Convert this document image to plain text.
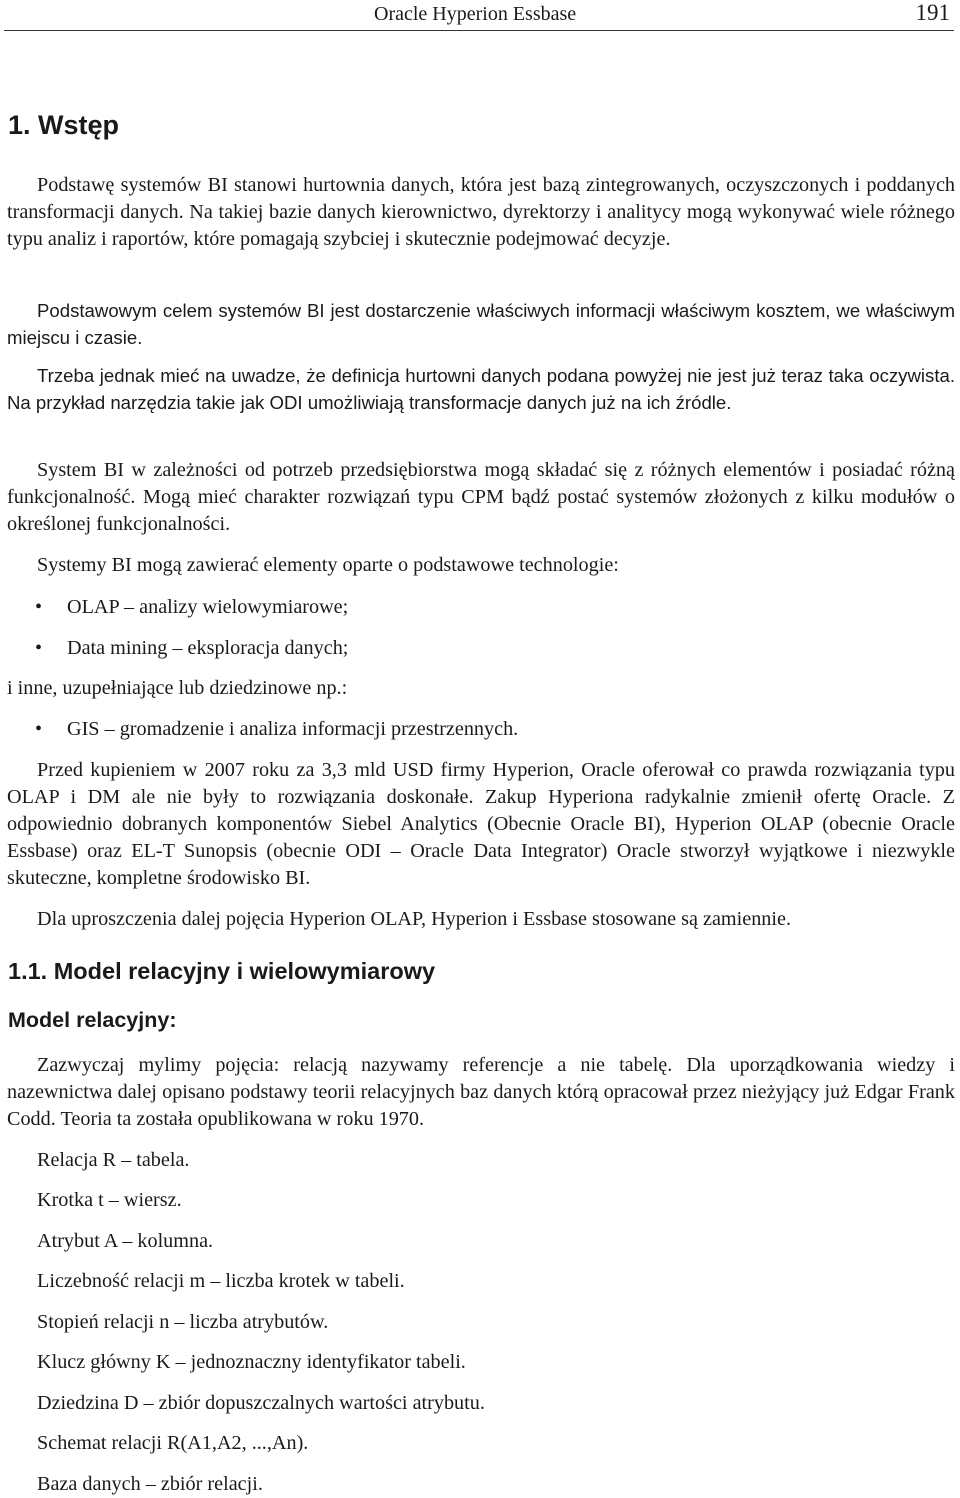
Oracle Hyperion Essbase	191
1. Wstęp
Podstawę systemów BI stanowi hurtownia danych, która jest bazą zintegrowanych, oczyszczonych i poddanych transformacji danych. Na takiej bazie danych kierownictwo, dyrektorzy i analitycy mogą wykonywać wiele różnego typu analiz i raportów, które pomagają szybciej i skutecznie podejmować decyzje.
Podstawowym celem systemów BI jest dostarczenie właściwych informacji właściwym kosztem, we właściwym miejscu i czasie.
Trzeba jednak mieć na uwadze, że definicja hurtowni danych podana powyżej nie jest już teraz taka oczywista. Na przykład narzędzia takie jak ODI umożliwiają transformacje danych już na ich źródle.
System BI w zależności od potrzeb przedsiębiorstwa mogą składać się z różnych elementów i posiadać różną funkcjonalność. Mogą mieć charakter rozwiązań typu CPM bądź postać systemów złożonych z kilku modułów o określonej funkcjonalności.
Systemy BI mogą zawierać elementy oparte o podstawowe technologie:
• OLAP – analizy wielowymiarowe;
• Data mining – eksploracja danych;
i inne, uzupełniające lub dziedzinowe np.:
• GIS – gromadzenie i analiza informacji przestrzennych.
Przed kupieniem w 2007 roku za 3,3 mld USD firmy Hyperion, Oracle oferował co prawda rozwiązania typu OLAP i DM ale nie były to rozwiązania doskonałe. Zakup Hyperiona radykalnie zmienił ofertę Oracle. Z odpowiednio dobranych komponentów Siebel Analytics (Obecnie Oracle BI), Hyperion OLAP (obecnie Oracle Essbase) oraz EL-T Sunopsis (obecnie ODI – Oracle Data Integrator) Oracle stworzył wyjątkowe i niezwykle skuteczne, kompletne środowisko BI.
Dla uproszczenia dalej pojęcia Hyperion OLAP, Hyperion i Essbase stosowane są zamiennie.
1.1. Model relacyjny i wielowymiarowy
Model relacyjny:
Zazwyczaj mylimy pojęcia: relacją nazywamy referencje a nie tabelę. Dla uporządkowania wiedzy i nazewnictwa dalej opisano podstawy teorii relacyjnych baz danych którą opracował przez nieżyjący już Edgar Frank Codd. Teoria ta została opublikowana w roku 1970.
Relacja R – tabela.
Krotka t – wiersz.
Atrybut A – kolumna.
Liczebność relacji m – liczba krotek w tabeli.
Stopień relacji n – liczba atrybutów.
Klucz główny K – jednoznaczny identyfikator tabeli.
Dziedzina D – zbiór dopuszczalnych wartości atrybutu.
Schemat relacji R(A1,A2, ...,An).
Baza danych – zbiór relacji.
